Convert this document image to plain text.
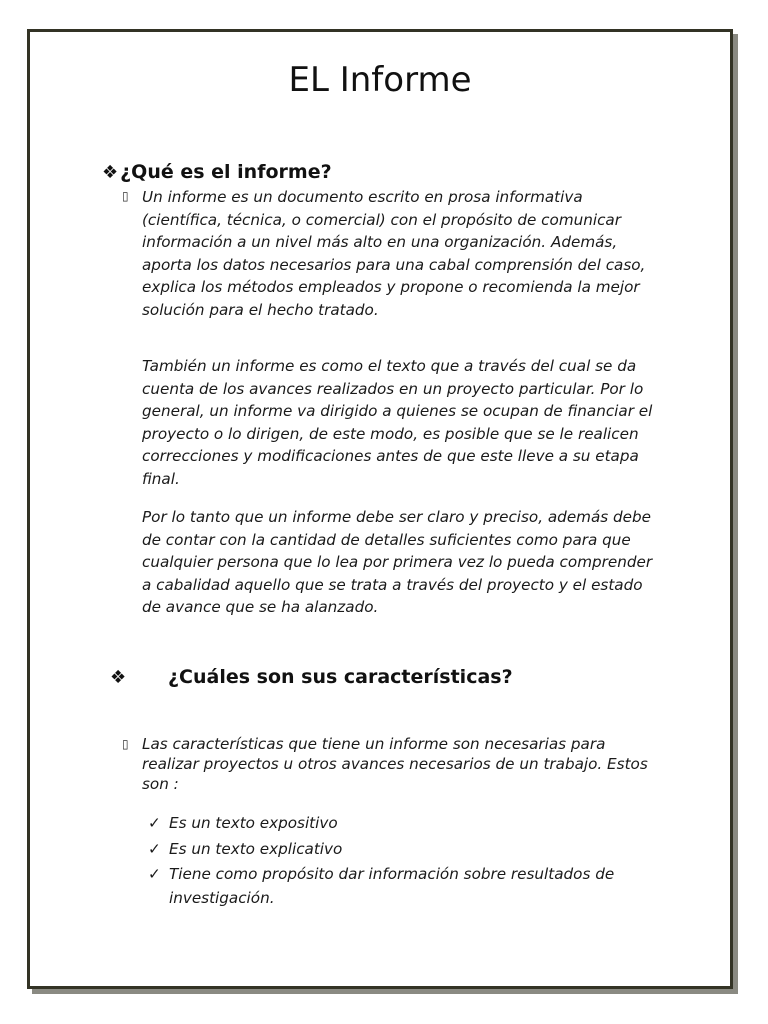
EL Informe
❖ ¿Qué es el informe?
▯ Un informe es un documento escrito en prosa informativa (científica, técnica, o comercial) con el propósito de comunicar información a un nivel más alto en una organización. Además, aporta los datos necesarios para una cabal comprensión del caso, explica los métodos empleados y propone o recomienda la mejor solución para el hecho tratado.

También un informe es como el texto que a través del cual se da cuenta de los avances realizados en un proyecto particular. Por lo general, un informe va dirigido a quienes se ocupan de financiar el proyecto o lo dirigen, de este modo, es posible que se le realicen correcciones y modificaciones antes de que este lleve a su etapa final.

Por lo tanto que un informe debe ser claro y preciso, además debe de contar con la cantidad de detalles suficientes como para que cualquier persona que lo lea por primera vez lo pueda comprender a cabalidad aquello que se trata a través del proyecto y el estado de avance que se ha alanzado.

❖	¿Cuáles son sus características?
▯ Las características que tiene un informe son necesarias para realizar proyectos u otros avances necesarios de un trabajo. Estos son :

✓ Es un texto expositivo
✓ Es un texto explicativo
✓ Tiene como propósito dar información sobre resultados de investigación.
